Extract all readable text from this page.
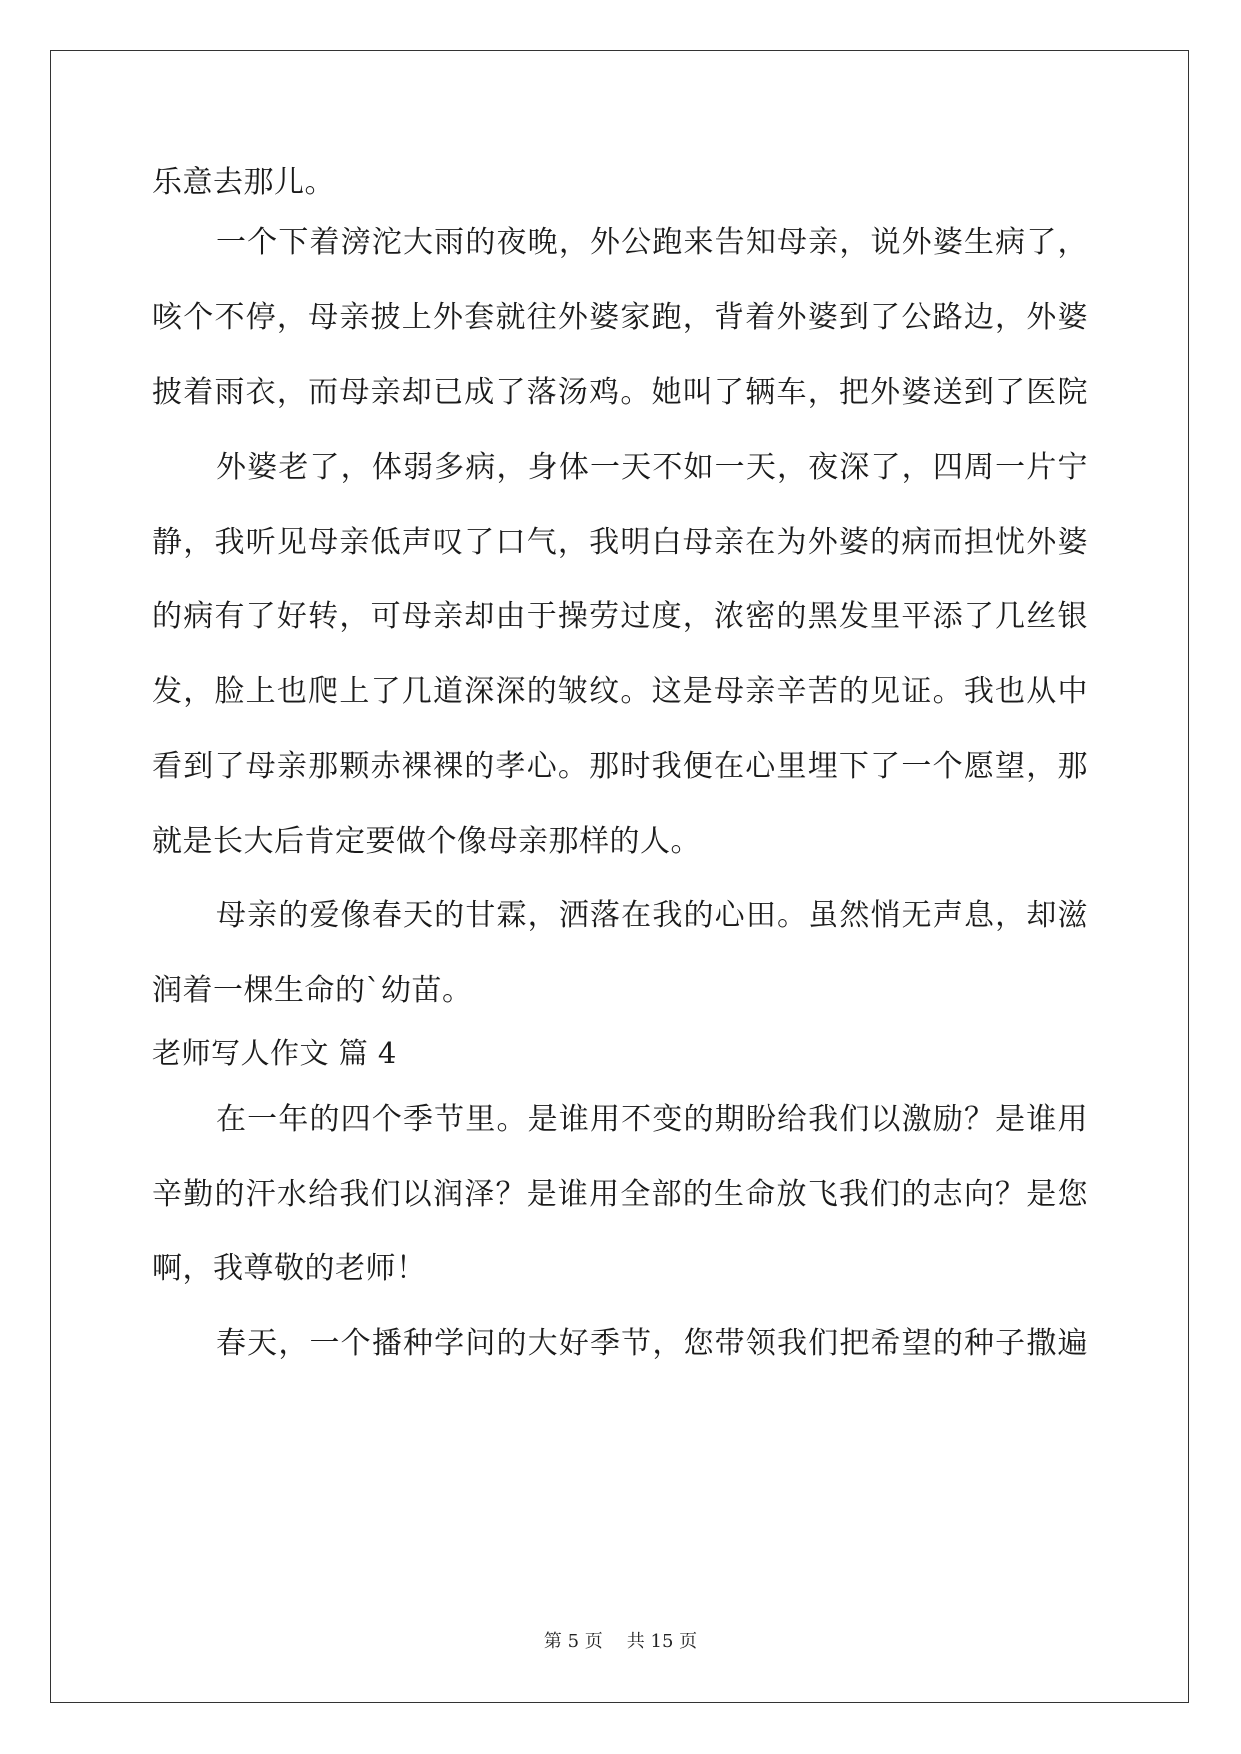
乐意去那儿。
一个下着滂沱大雨的夜晚，外公跑来告知母亲，说外婆生病了，
咳个不停，母亲披上外套就往外婆家跑，背着外婆到了公路边，外婆
披着雨衣，而母亲却已成了落汤鸡。她叫了辆车，把外婆送到了医院
外婆老了，体弱多病，身体一天不如一天，夜深了，四周一片宁
静，我听见母亲低声叹了口气，我明白母亲在为外婆的病而担忧外婆
的病有了好转，可母亲却由于操劳过度，浓密的黑发里平添了几丝银
发，脸上也爬上了几道深深的皱纹。这是母亲辛苦的见证。我也从中
看到了母亲那颗赤裸裸的孝心。那时我便在心里埋下了一个愿望，那
就是长大后肯定要做个像母亲那样的人。
母亲的爱像春天的甘霖，洒落在我的心田。虽然悄无声息，却滋
润着一棵生命的`幼苗。
老师写人作文 篇 4
在一年的四个季节里。是谁用不变的期盼给我们以激励？是谁用
辛勤的汗水给我们以润泽？是谁用全部的生命放飞我们的志向？是您
啊，我尊敬的老师！
春天，一个播种学问的大好季节，您带领我们把希望的种子撒遍
第 5 页 共 15 页
